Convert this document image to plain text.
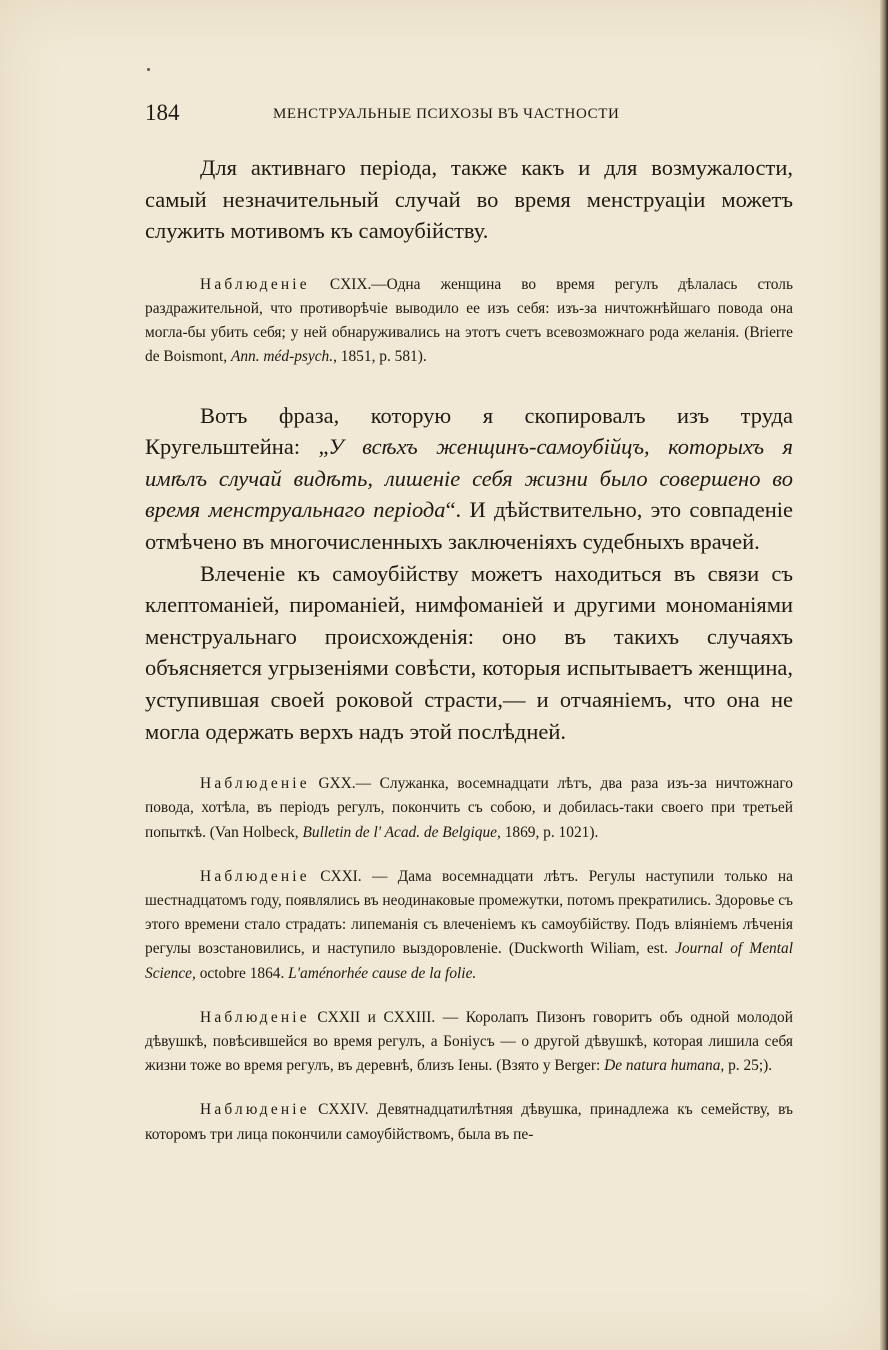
184	МЕНСТРУАЛЬНЫЕ ПСИХОЗЫ ВЪ ЧАСТНОСТИ

Для активнаго періода, также какъ и для возмужалости, самый незначительный случай во время менструаціи можетъ служить мотивомъ къ самоубійству.

Наблюденіе CXIX.—Одна женщина во время регулъ дѣлалась столь раздражительной, что противорѣчіе выводило ее изъ себя: изъ-за ничтожнѣйшаго повода она могла-бы убить себя; у ней обнаруживались на этотъ счетъ всевозможнаго рода желанія. (Brierre de Boismont, Ann. méd-psych., 1851, p. 581).

Вотъ фраза, которую я скопировалъ изъ труда Кругельштейна: „У всѣхъ женщинъ-самоубійцъ, которыхъ я имѣлъ случай видѣть, лишеніе себя жизни было совершено во время менструальнаго періода“. И дѣйствительно, это совпаденіе отмѣчено въ многочисленныхъ заключеніяхъ судебныхъ врачей.

Влеченіе къ самоубійству можетъ находиться въ связи съ клептоманіей, пироманіей, нимфоманіей и другими мономаніями менструальнаго происхожденія: оно въ такихъ случаяхъ объясняется угрызеніями совѣсти, которыя испытываетъ женщина, уступившая своей роковой страсти,— и отчаяніемъ, что она не могла одержать верхъ надъ этой послѣдней.

Наблюденіе GXX.— Служанка, восемнадцати лѣтъ, два раза изъ-за ничтожнаго повода, хотѣла, въ періодъ регулъ, покончить съ собою, и добилась-таки своего при третьей попыткѣ. (Van Holbeck, Bulletin de l' Acad. de Belgique, 1869, p. 1021).

Наблюденіе CXXI. — Дама восемнадцати лѣтъ. Регулы наступили только на шестнадцатомъ году, появлялись въ неодинаковые промежутки, потомъ прекратились. Здоровье съ этого времени стало страдать: липеманія съ влеченіемъ къ самоубійству. Подъ вліяніемъ лѣченія регулы возстановились, и наступило выздоровленіе. (Duckworth Wiliam, est. Journal of Mental Science, octobre 1864. L'aménorhée cause de la folie.

Наблюденіе CXXII и CXXIII. — Королапъ Пизонъ говоритъ объ одной молодой дѣвушкѣ, повѣсившейся во время регулъ, а Боніусъ — о другой дѣвушкѣ, которая лишила себя жизни тоже во время регулъ, въ деревнѣ, близъ Іены. (Взято у Berger: De natura humana, p. 25;).

Наблюденіе CXXIV. Девятнадцатилѣтняя дѣвушка, принадлежа къ семейству, въ которомъ три лица покончили самоубійствомъ, была въ пе-
